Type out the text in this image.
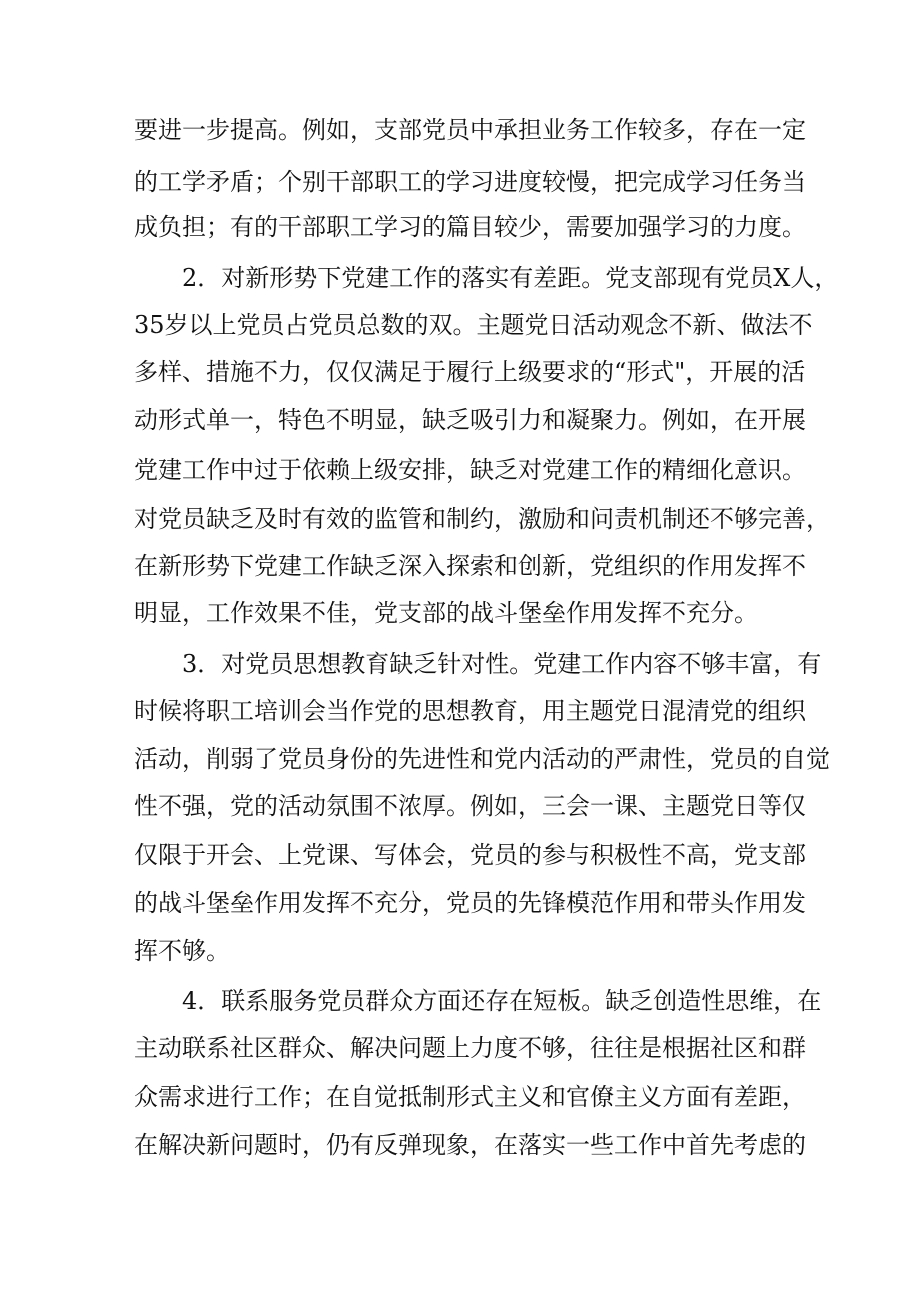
要进一步提高。例如，支部党员中承担业务工作较多，存在一定
的工学矛盾；个别干部职工的学习进度较慢，把完成学习任务当
成负担；有的干部职工学习的篇目较少，需要加强学习的力度。
2．对新形势下党建工作的落实有差距。党支部现有党员X人，
35岁以上党员占党员总数的双。主题党日活动观念不新、做法不
多样、措施不力，仅仅满足于履行上级要求的“形式"，开展的活
动形式单一，特色不明显，缺乏吸引力和凝聚力。例如，在开展
党建工作中过于依赖上级安排，缺乏对党建工作的精细化意识。
对党员缺乏及时有效的监管和制约，激励和问责机制还不够完善，
在新形势下党建工作缺乏深入探索和创新，党组织的作用发挥不
明显，工作效果不佳，党支部的战斗堡垒作用发挥不充分。
3．对党员思想教育缺乏针对性。党建工作内容不够丰富，有
时候将职工培训会当作党的思想教育，用主题党日混清党的组织
活动，削弱了党员身份的先进性和党内活动的严肃性，党员的自觉
性不强，党的活动氛围不浓厚。例如，三会一课、主题党日等仅
仅限于开会、上党课、写体会，党员的参与积极性不高，党支部
的战斗堡垒作用发挥不充分，党员的先锋模范作用和带头作用发
挥不够。
4．联系服务党员群众方面还存在短板。缺乏创造性思维，在
主动联系社区群众、解决问题上力度不够，往往是根据社区和群
众需求进行工作；在自觉抵制形式主义和官僚主义方面有差距，
在解决新问题时，仍有反弹现象，在落实一些工作中首先考虑的
